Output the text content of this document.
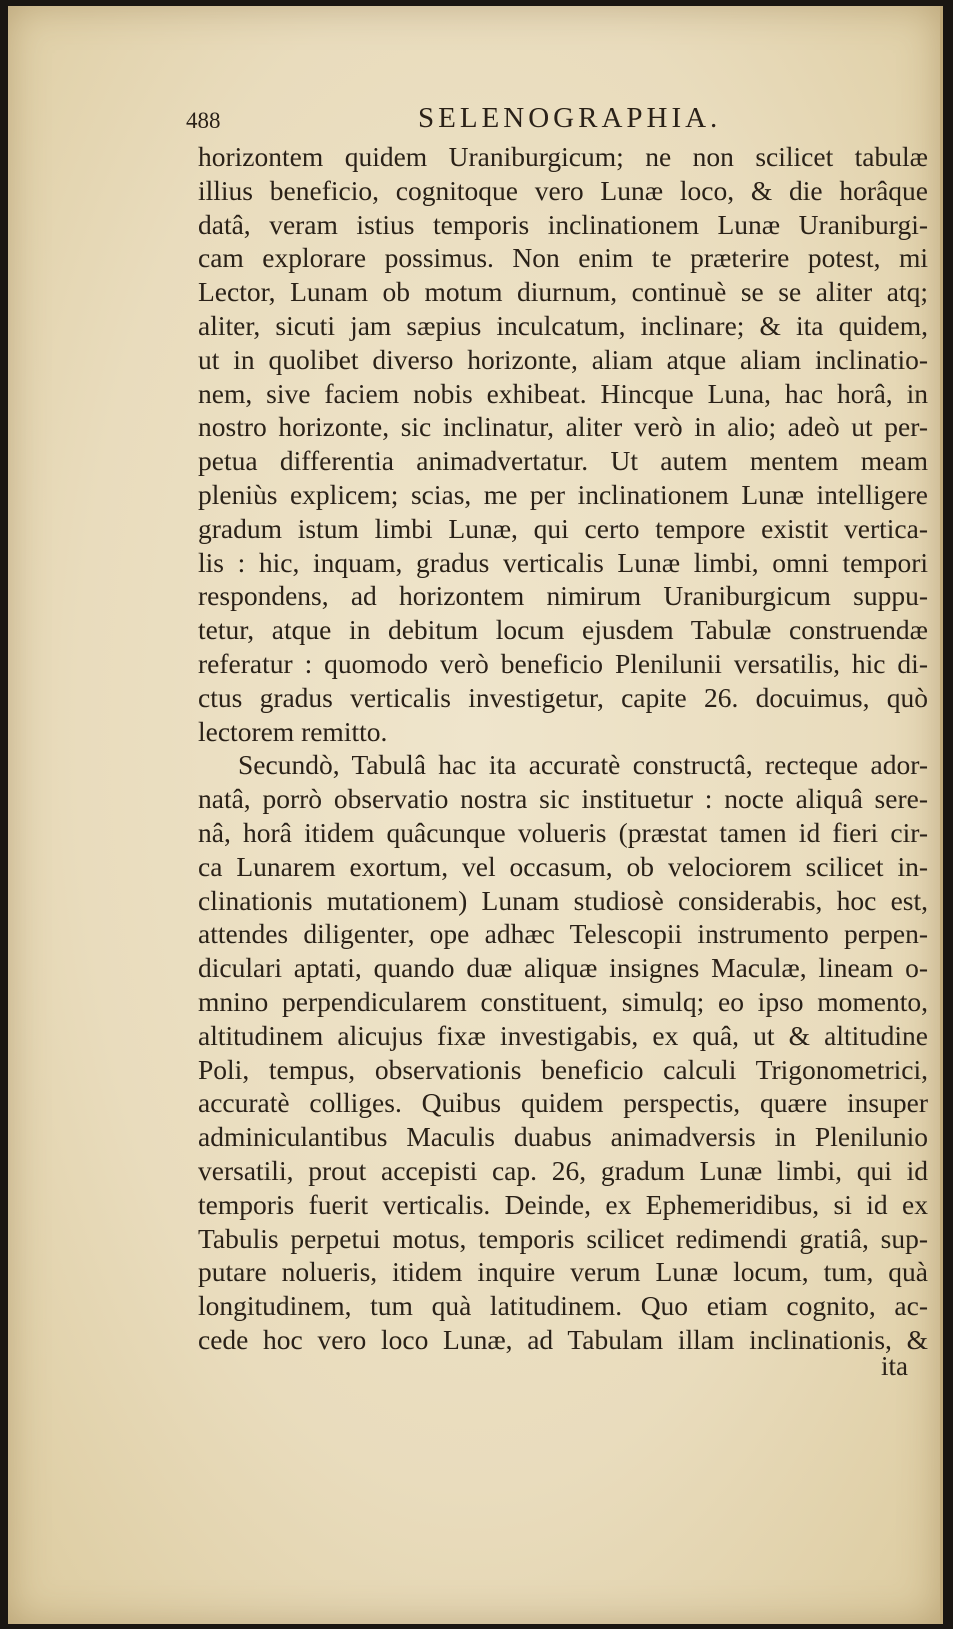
488	SELENOGRAPHIA.
horizontem quidem Uraniburgicum; ne non scilicet tabulæ
illius beneficio, cognitoque vero Lunæ loco, & die horâque
datâ, veram istius temporis inclinationem Lunæ Uraniburgi-
cam explorare possimus. Non enim te præterire potest, mi
Lector, Lunam ob motum diurnum, continuè se se aliter atq;
aliter, sicuti jam sæpius inculcatum, inclinare; & ita quidem,
ut in quolibet diverso horizonte, aliam atque aliam inclinatio-
nem, sive faciem nobis exhibeat. Hincque Luna, hac horâ, in
nostro horizonte, sic inclinatur, aliter verò in alio; adeò ut per-
petua differentia animadvertatur. Ut autem mentem meam
pleniùs explicem; scias, me per inclinationem Lunæ intelligere
gradum istum limbi Lunæ, qui certo tempore existit vertica-
lis : hic, inquam, gradus verticalis Lunæ limbi, omni tempori
respondens, ad horizontem nimirum Uraniburgicum suppu-
tetur, atque in debitum locum ejusdem Tabulæ construendæ
referatur : quomodo verò beneficio Plenilunii versatilis, hic di-
ctus gradus verticalis investigetur, capite 26. docuimus, quò
lectorem remitto.
Secundò, Tabulâ hac ita accuratè constructâ, recteque ador-
natâ, porrò observatio nostra sic instituetur : nocte aliquâ sere-
nâ, horâ itidem quâcunque volueris (præstat tamen id fieri cir-
ca Lunarem exortum, vel occasum, ob velociorem scilicet in-
clinationis mutationem) Lunam studiosè considerabis, hoc est,
attendes diligenter, ope adhæc Telescopii instrumento perpen-
diculari aptati, quando duæ aliquæ insignes Maculæ, lineam o-
mnino perpendicularem constituent, simulq; eo ipso momento,
altitudinem alicujus fixæ investigabis, ex quâ, ut & altitudine
Poli, tempus, observationis beneficio calculi Trigonometrici,
accuratè colliges. Quibus quidem perspectis, quære insuper
adminiculantibus Maculis duabus animadversis in Plenilunio
versatili, prout accepisti cap. 26, gradum Lunæ limbi, qui id
temporis fuerit verticalis. Deinde, ex Ephemeridibus, si id ex
Tabulis perpetui motus, temporis scilicet redimendi gratiâ, sup-
putare nolueris, itidem inquire verum Lunæ locum, tum, quà
longitudinem, tum quà latitudinem. Quo etiam cognito, ac-
cede hoc vero loco Lunæ, ad Tabulam illam inclinationis, &
ita
